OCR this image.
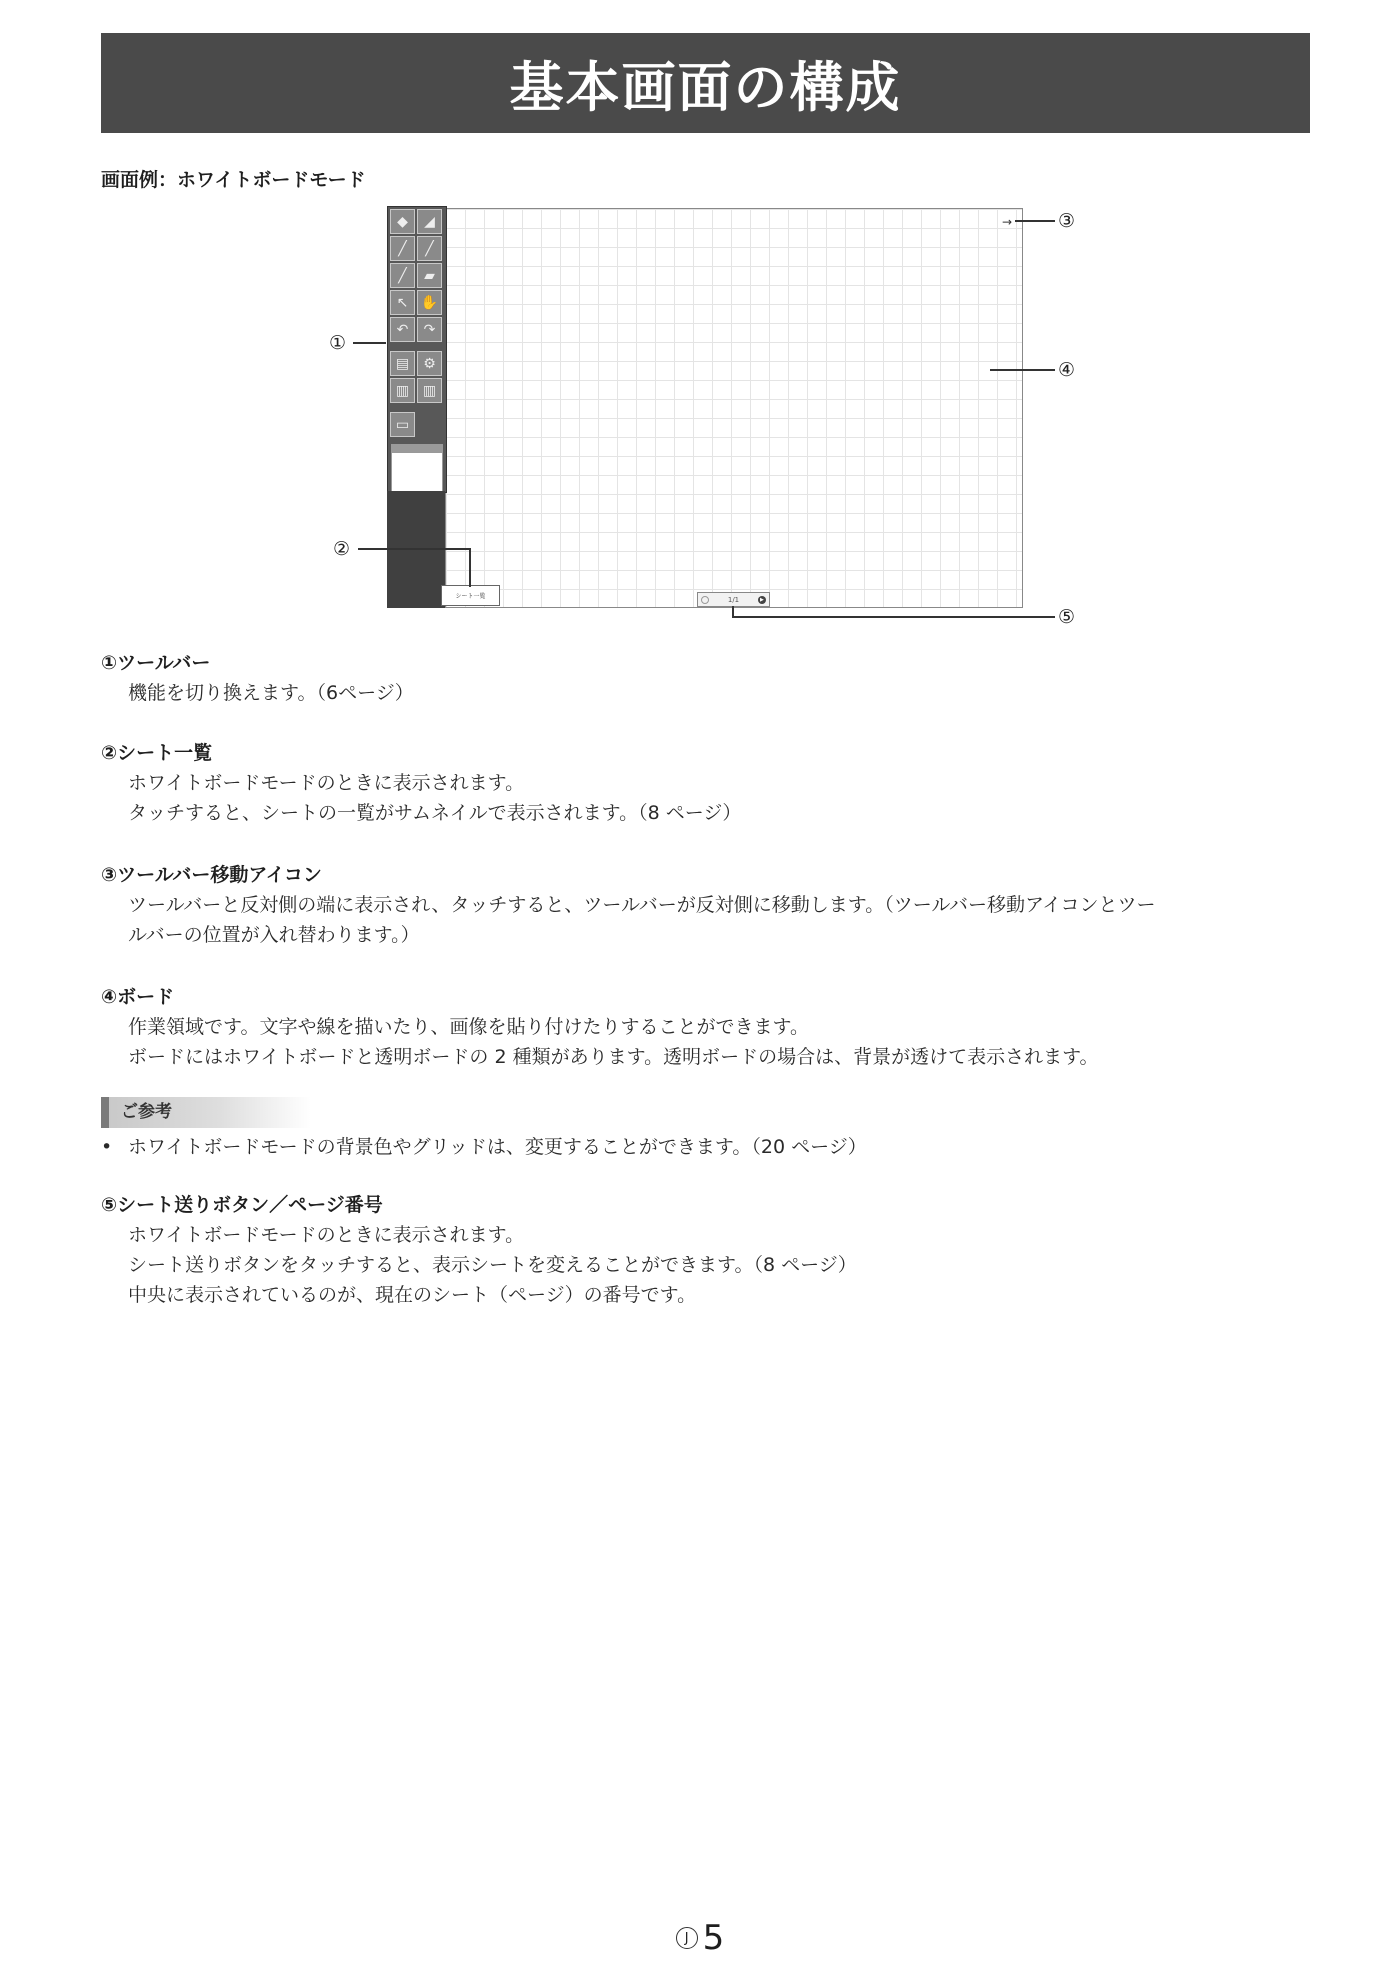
基本画面の構成

画面例：ホワイトボードモード

◆	◢
╱	╱
╱	▰
↖ ✋
↶	↷
▤	⚙
▥ ▥
▭
シート一覧	1/1	▶
→
①
②
③
④
⑤
①ツールバー

機能を切り換えます。（6ページ）

②シート一覧

ホワイトボードモードのときに表示されます。

タッチすると、シートの一覧がサムネイルで表示されます。（8 ページ）

③ツールバー移動アイコン

ツールバーと反対側の端に表示され、タッチすると、ツールバーが反対側に移動します。（ツールバー移動アイコンとツー

ルバーの位置が入れ替わります。）

④ボード

作業領域です。文字や線を描いたり、画像を貼り付けたりすることができます。

ボードにはホワイトボードと透明ボードの 2 種類があります。透明ボードの場合は、背景が透けて表示されます。

ご参考
• ホワイトボードモードの背景色やグリッドは、変更することができます。（20 ページ）
⑤シート送りボタン／ページ番号

ホワイトボードモードのときに表示されます。

シート送りボタンをタッチすると、表示シートを変えることができます。（8 ページ）

中央に表示されているのが、現在のシート（ページ）の番号です。

J 5
